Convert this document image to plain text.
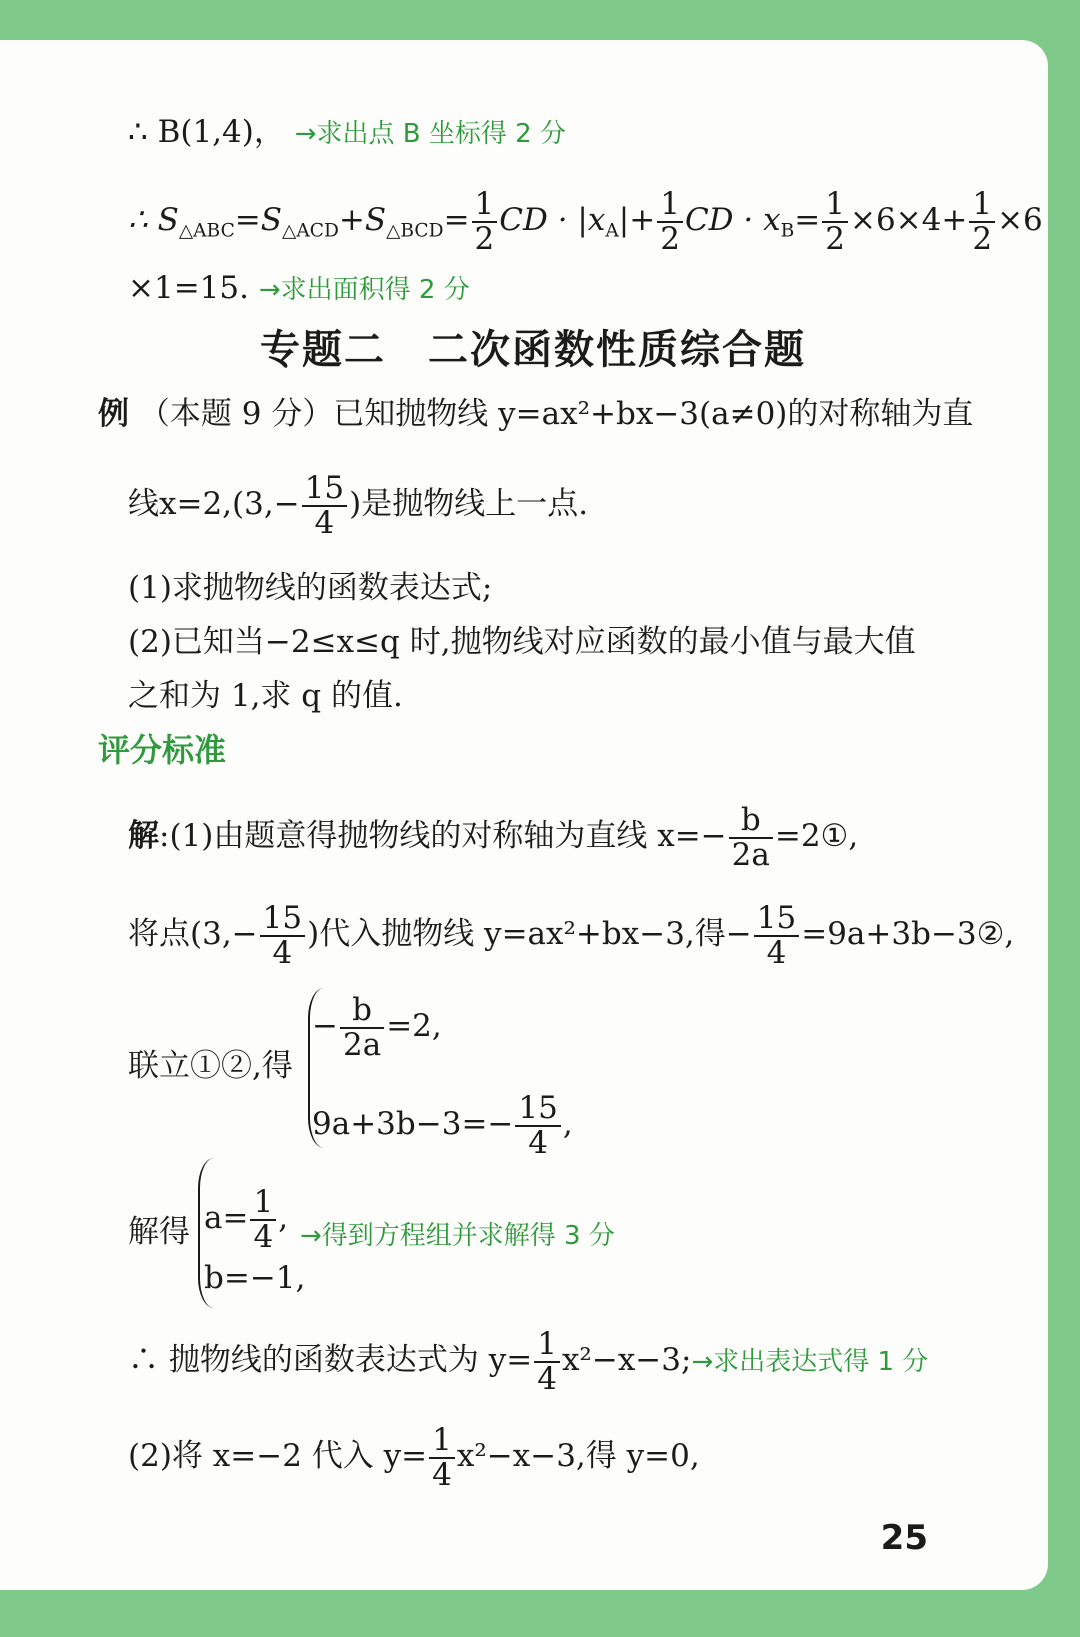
∴ B(1,4)， →求出点 B 坐标得 2 分
∴ $S_{\triangle ABC}=S_{\triangle ACD}+S_{\triangle BCD}= \frac{1}{2}$ CD · $|x_A|+ \frac{1}{2}$ CD · $x_B= \frac{1}{2} \times 6\times 4+ \frac{1}{2} \times 6$
×1=15. →求出面积得 2 分
专题二　二次函数性质综合题
例 （本题 9 分）已知抛物线 y=ax²+bx−3(a≠0)的对称轴为直
线$x=2,(3,- \frac{15}{4}$ )是抛物线上一点.
(1)求抛物线的函数表达式;
(2)已知当−2≤x≤q 时,抛物线对应函数的最小值与最大值
之和为 1,求 q 的值.
评分标准
解:(1)由题意得抛物线的对称轴为直线 $x=- \frac{b}{2a}$ =2①,
将点($3,- \frac{15}{4}$ )代入抛物线 y=ax²+bx−3,得− $\frac{15}{4}$ =9a+3b−3②,
联立①②,得
− $\frac{b}{2a} =2$,
$9a+3b-3=- \frac{15}{4}$ ,
解得 $a= \frac{1}{4}$ , →得到方程组并求解得 3 分
b=−1,
∴ 抛物线的函数表达式为 $y= \frac{1}{4}$ x²−x−3;→求出表达式得 1 分
(2)将 x=−2 代入 $y= \frac{1}{4} x^2-x-3$,得 y=0,
25
